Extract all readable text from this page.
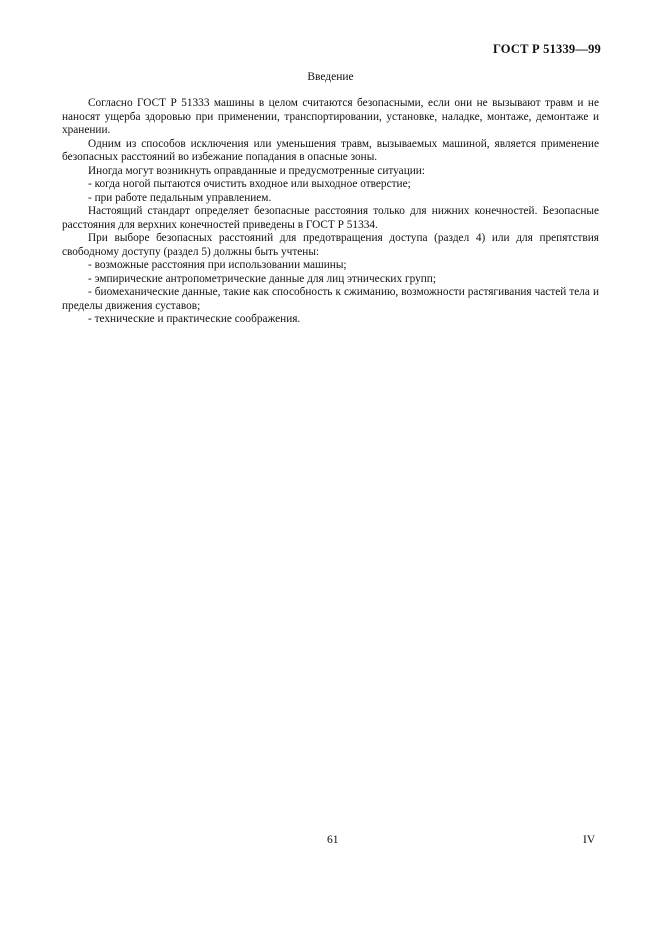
ГОСТ Р 51339—99
Введение

Согласно ГОСТ Р 51333 машины в целом считаются безопасными, если они не вызывают травм и не наносят ущерба здоровью при применении, транспортировании, установке, наладке, монтаже, демонтаже и хранении.

Одним из способов исключения или уменьшения травм, вызываемых машиной, является применение безопасных расстояний во избежание попадания в опасные зоны.

Иногда могут возникнуть оправданные и предусмотренные ситуации:

- когда ногой пытаются очистить входное или выходное отверстие;

- при работе педальным управлением.

Настоящий стандарт определяет безопасные расстояния только для нижних конечностей. Безопасные расстояния для верхних конечностей приведены в ГОСТ Р 51334.

При выборе безопасных расстояний для предотвращения доступа (раздел 4) или для препятствия свободному доступу (раздел 5) должны быть учтены:

- возможные расстояния при использовании машины;

- эмпирические антропометрические данные для лиц этнических групп;

- биомеханические данные, такие как способность к сжиманию, возможности растягивания частей тела и пределы движения суставов;

- технические и практические соображения.

61	IV
